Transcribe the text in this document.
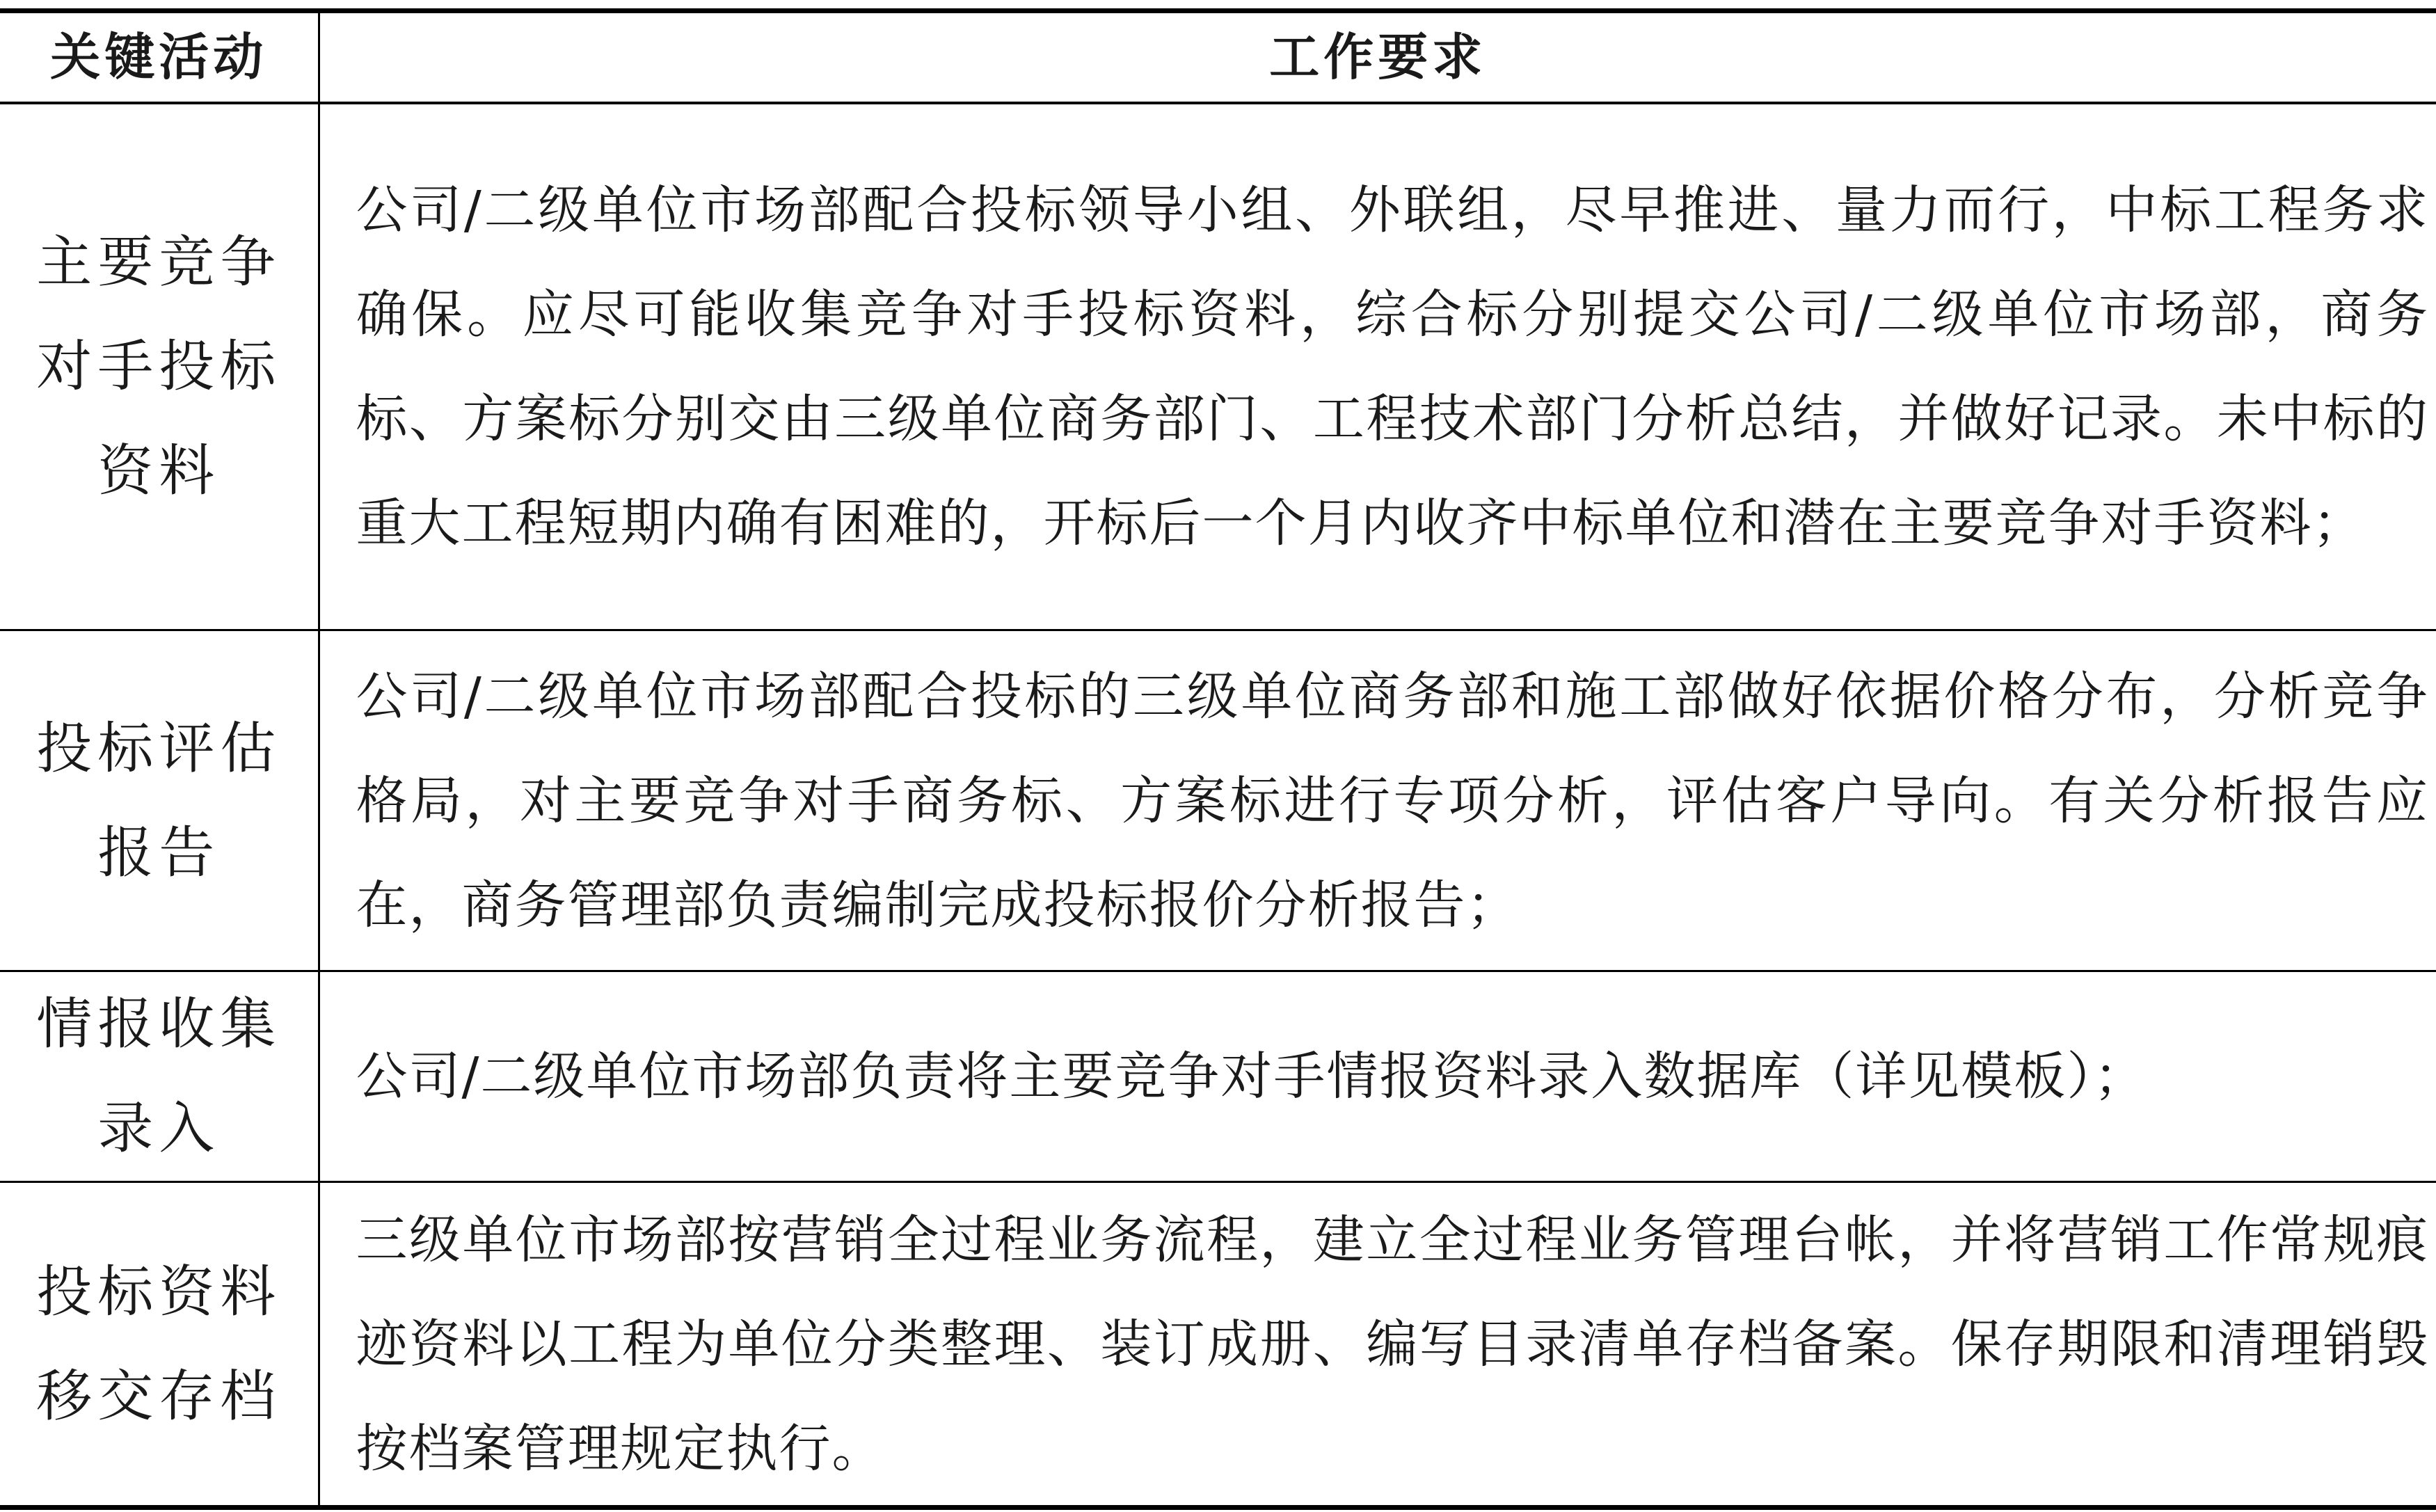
关键活动	工作要求
主要竞争对手投标资料	公司/二级单位市场部配合投标领导小组、外联组，尽早推进、量力而行，中标工程务求确保。应尽可能收集竞争对手投标资料，综合标分别提交公司/二级单位市场部，商务标、方案标分别交由三级单位商务部门、工程技术部门分析总结，并做好记录。未中标的重大工程短期内确有困难的，开标后一个月内收齐中标单位和潜在主要竞争对手资料；
投标评估报告	公司/二级单位市场部配合投标的三级单位商务部和施工部做好依据价格分布，分析竞争格局，对主要竞争对手商务标、方案标进行专项分析，评估客户导向。有关分析报告应在，商务管理部负责编制完成投标报价分析报告；
情报收集录入	公司/二级单位市场部负责将主要竞争对手情报资料录入数据库（详见模板）；
投标资料移交存档	三级单位市场部按营销全过程业务流程，建立全过程业务管理台帐，并将营销工作常规痕迹资料以工程为单位分类整理、装订成册、编写目录清单存档备案。保存期限和清理销毁按档案管理规定执行。
